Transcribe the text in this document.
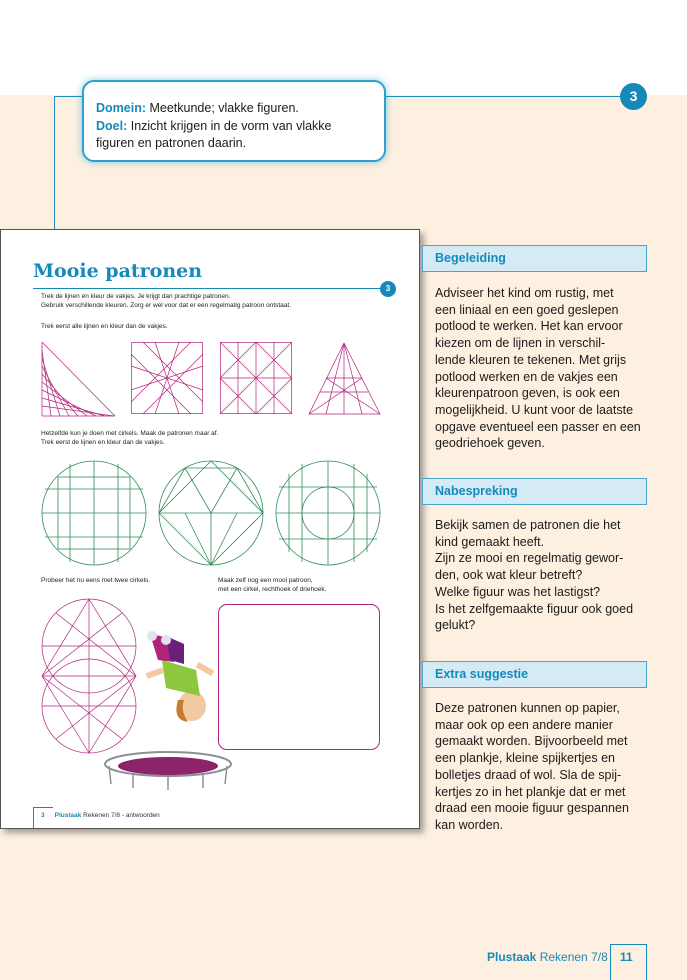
Domein: Meetkunde; vlakke figuren.
Doel: Inzicht krijgen in de vorm van vlakke figuren en patronen daarin.
3
Mooie patronen
3
Trek de lijnen en kleur de vakjes. Je krijgt dan prachtige patronen.
Gebruik verschillende kleuren. Zorg er wel voor dat er een regelmatig patroon ontstaat.
Trek eerst alle lijnen en kleur dan de vakjes.
Hetzelfde kun je doen met cirkels. Maak de patronen maar af.
Trek eerst de lijnen en kleur dan de vakjes.
Probeer het nu eens met twee cirkels.	Maak zelf nog een mooi patroon,
met een cirkel, rechthoek of driehoek.
3 Plustaak Rekenen 7/8 - antwoorden
Begeleiding
Adviseer het kind om rustig, met
een liniaal en een goed geslepen
potlood te werken. Het kan ervoor
kiezen om de lijnen in verschil-
lende kleuren te tekenen. Met grijs
potlood werken en de vakjes een
kleurenpatroon geven, is ook een
mogelijkheid. U kunt voor de laatste
opgave eventueel een passer en een
geodriehoek geven.
Nabespreking
Bekijk samen de patronen die het
kind gemaakt heeft.
Zijn ze mooi en regelmatig gewor-
den, ook wat kleur betreft?
Welke figuur was het lastigst?
Is het zelfgemaakte figuur ook goed
gelukt?
Extra suggestie
Deze patronen kunnen op papier,
maar ook op een andere manier
gemaakt worden. Bijvoorbeeld met
een plankje, kleine spijkertjes en
bolletjes draad of wol. Sla de spij-
kertjes zo in het plankje dat er met
draad een mooie figuur gespannen
kan worden.
Plustaak Rekenen 7/8 11
